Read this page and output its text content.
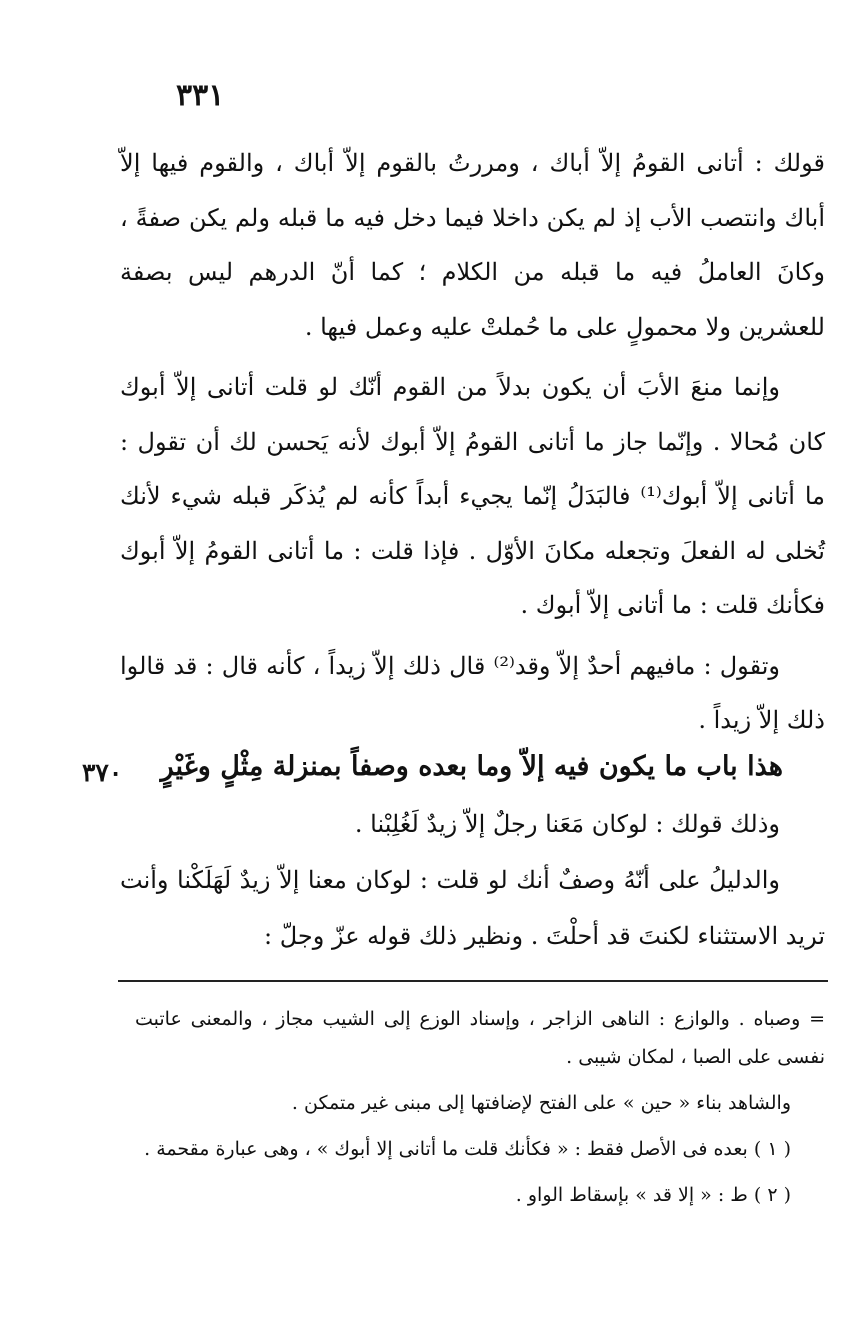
٣٣١

قولك : أتانى القومُ إلاّ أباك ، ومررتُ بالقوم إلاّ أباك ، والقوم فيها إلاّ أباك وانتصب الأب إذ لم يكن داخلا فيما دخل فيه ما قبله ولم يكن صفةً ، وكانَ العاملُ فيه ما قبله من الكلام ؛ كما أنّ الدرهم ليس بصفة للعشرين ولا محمولٍ على ما حُملتْ عليه وعمل فيها .

وإنما منعَ الأبَ أن يكون بدلاً من القوم أنّك لو قلت أتانى إلاّ أبوك كان مُحالا . وإنّما جاز ما أتانى القومُ إلاّ أبوك لأنه يَحسن لك أن تقول : ما أتانى إلاّ أبوك⁽¹⁾ فالبَدَلُ إنّما يجيء أبداً كأنه لم يُذكَر قبله شيء لأنك تُخلى له الفعلَ وتجعله مكانَ الأوّل . فإذا قلت : ما أتانى القومُ إلاّ أبوك فكأنك قلت : ما أتانى إلاّ أبوك .

وتقول : مافيهم أحدٌ إلاّ وقد⁽²⁾ قال ذلك إلاّ زيداً ، كأنه قال : قد قالوا ذلك إلاّ زيداً .

هذا باب ما يكون فيه إلاّ وما بعده وصفاً بمنزلة مِثْلٍ وغَيْرٍ
٣٧٠

وذلك قولك : لوكان مَعَنا رجلٌ إلاّ زيدٌ لَغُلِبْنا .

والدليلُ على أنّهُ وصفٌ أنك لو قلت : لوكان معنا إلاّ زيدٌ لَهَلَكْنا وأنت تريد الاستثناء لكنتَ قد أحلْتَ . ونظير ذلك قوله عزّ وجلّ :

= وصباه . والوازع : الناهى الزاجر ، وإسناد الوزع إلى الشيب مجاز ، والمعنى عاتبت نفسى على الصبا ، لمكان شيبى .

والشاهد بناء « حين » على الفتح لإضافتها إلى مبنى غير متمكن .

( ١ ) بعده فى الأصل فقط : « فكأنك قلت ما أتانى إلا أبوك » ، وهى عبارة مقحمة .

( ٢ ) ط : « إلا قد » بإسقاط الواو .
